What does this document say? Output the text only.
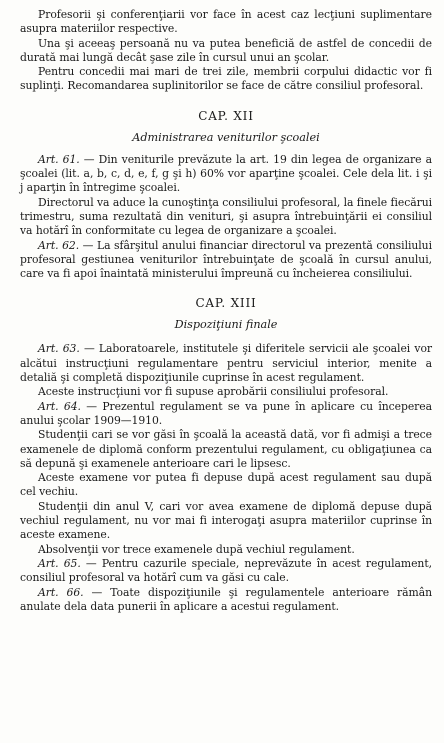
Profesorii şi conferenţiarii vor face în acest caz lecţiuni suplimentare asupra materiilor respective.

Una şi aceeaş persoană nu va putea beneficiă de astfel de concedii de durată mai lungă decât şase zile în cursul unui an şcolar.

Pentru concedii mai mari de trei zile, membrii corpului didactic vor fi suplinţi. Recomandarea suplinitorilor se face de către consiliul profesoral.

CAP. XII
Administrarea veniturilor şcoalei

Art. 61. — Din veniturile prevăzute la art. 19 din legea de organizare a şcoalei (lit. a, b, c, d, e, f, g şi h) 60% vor aparţine şcoalei. Cele dela lit. i şi j aparţin în întregime şcoalei.

Directorul va aduce la cunoştinţa consiliului profesoral, la finele fiecărui trimestru, suma rezultată din venituri, şi asupra întrebuinţării ei consiliul va hotărî în conformitate cu legea de organizare a şcoalei.

Art. 62. — La sfârşitul anului financiar directorul va prezentă consiliului profesoral gestiunea veniturilor întrebuinţate de şcoală în cursul anului, care va fi apoi înaintată ministerului împreună cu încheierea consiliului.

CAP. XIII
Dispoziţiuni finale

Art. 63. — Laboratoarele, institutele şi diferitele servicii ale şcoalei vor alcătui instrucţiuni regulamentare pentru serviciul interior, menite a detaliă şi completă dispoziţiunile cuprinse în acest regulament.

Aceste instrucţiuni vor fi supuse aprobării consiliului profesoral.

Art. 64. — Prezentul regulament se va pune în aplicare cu începerea anului şcolar 1909—1910.

Studenţii cari se vor găsi în şcoală la această dată, vor fi admişi a trece examenele de diplomă conform prezentului regulament, cu obligaţiunea ca să depună şi examenele anterioare cari le lipsesc.

Aceste examene vor putea fi depuse după acest regulament sau după cel vechiu.

Studenţii din anul V, cari vor avea examene de diplomă depuse după vechiul regulament, nu vor mai fi interogaţi asupra materiilor cuprinse în aceste examene.

Absolvenţii vor trece examenele după vechiul regulament.

Art. 65. — Pentru cazurile speciale, neprevăzute în acest regulament, consiliul profesoral va hotărî cum va găsi cu cale.

Art. 66. — Toate dispoziţiunile şi regulamentele anterioare rămân anulate dela data punerii în aplicare a acestui regulament.
